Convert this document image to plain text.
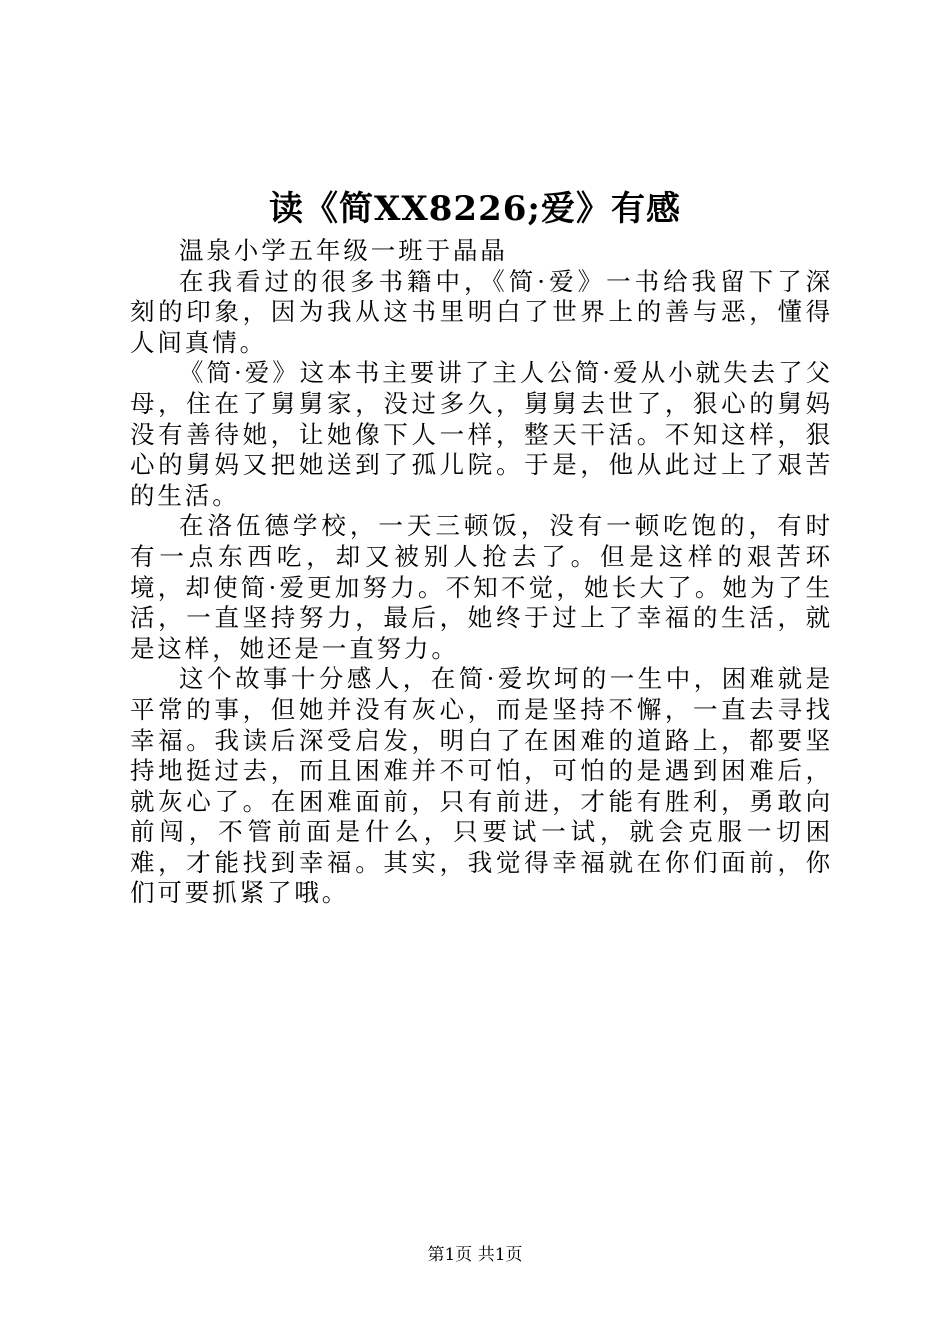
读《简XX8226;爱》有感

温泉小学五年级一班于晶晶

在我看过的很多书籍中，《简·爱》一书给我留下了深刻的印象，因为我从这书里明白了世界上的善与恶，懂得人间真情。

《简·爱》这本书主要讲了主人公简·爱从小就失去了父母，住在了舅舅家，没过多久，舅舅去世了，狠心的舅妈没有善待她，让她像下人一样，整天干活。不知这样，狠心的舅妈又把她送到了孤儿院。于是，他从此过上了艰苦的生活。

在洛伍德学校，一天三顿饭，没有一顿吃饱的，有时有一点东西吃，却又被别人抢去了。但是这样的艰苦环境，却使简·爱更加努力。不知不觉，她长大了。她为了生活，一直坚持努力，最后，她终于过上了幸福的生活，就是这样，她还是一直努力。

这个故事十分感人，在简·爱坎坷的一生中，困难就是平常的事，但她并没有灰心，而是坚持不懈，一直去寻找幸福。我读后深受启发，明白了在困难的道路上，都要坚持地挺过去，而且困难并不可怕，可怕的是遇到困难后，就灰心了。在困难面前，只有前进，才能有胜利，勇敢向前闯，不管前面是什么，只要试一试，就会克服一切困难，才能找到幸福。其实，我觉得幸福就在你们面前，你们可要抓紧了哦。

第1页 共1页
